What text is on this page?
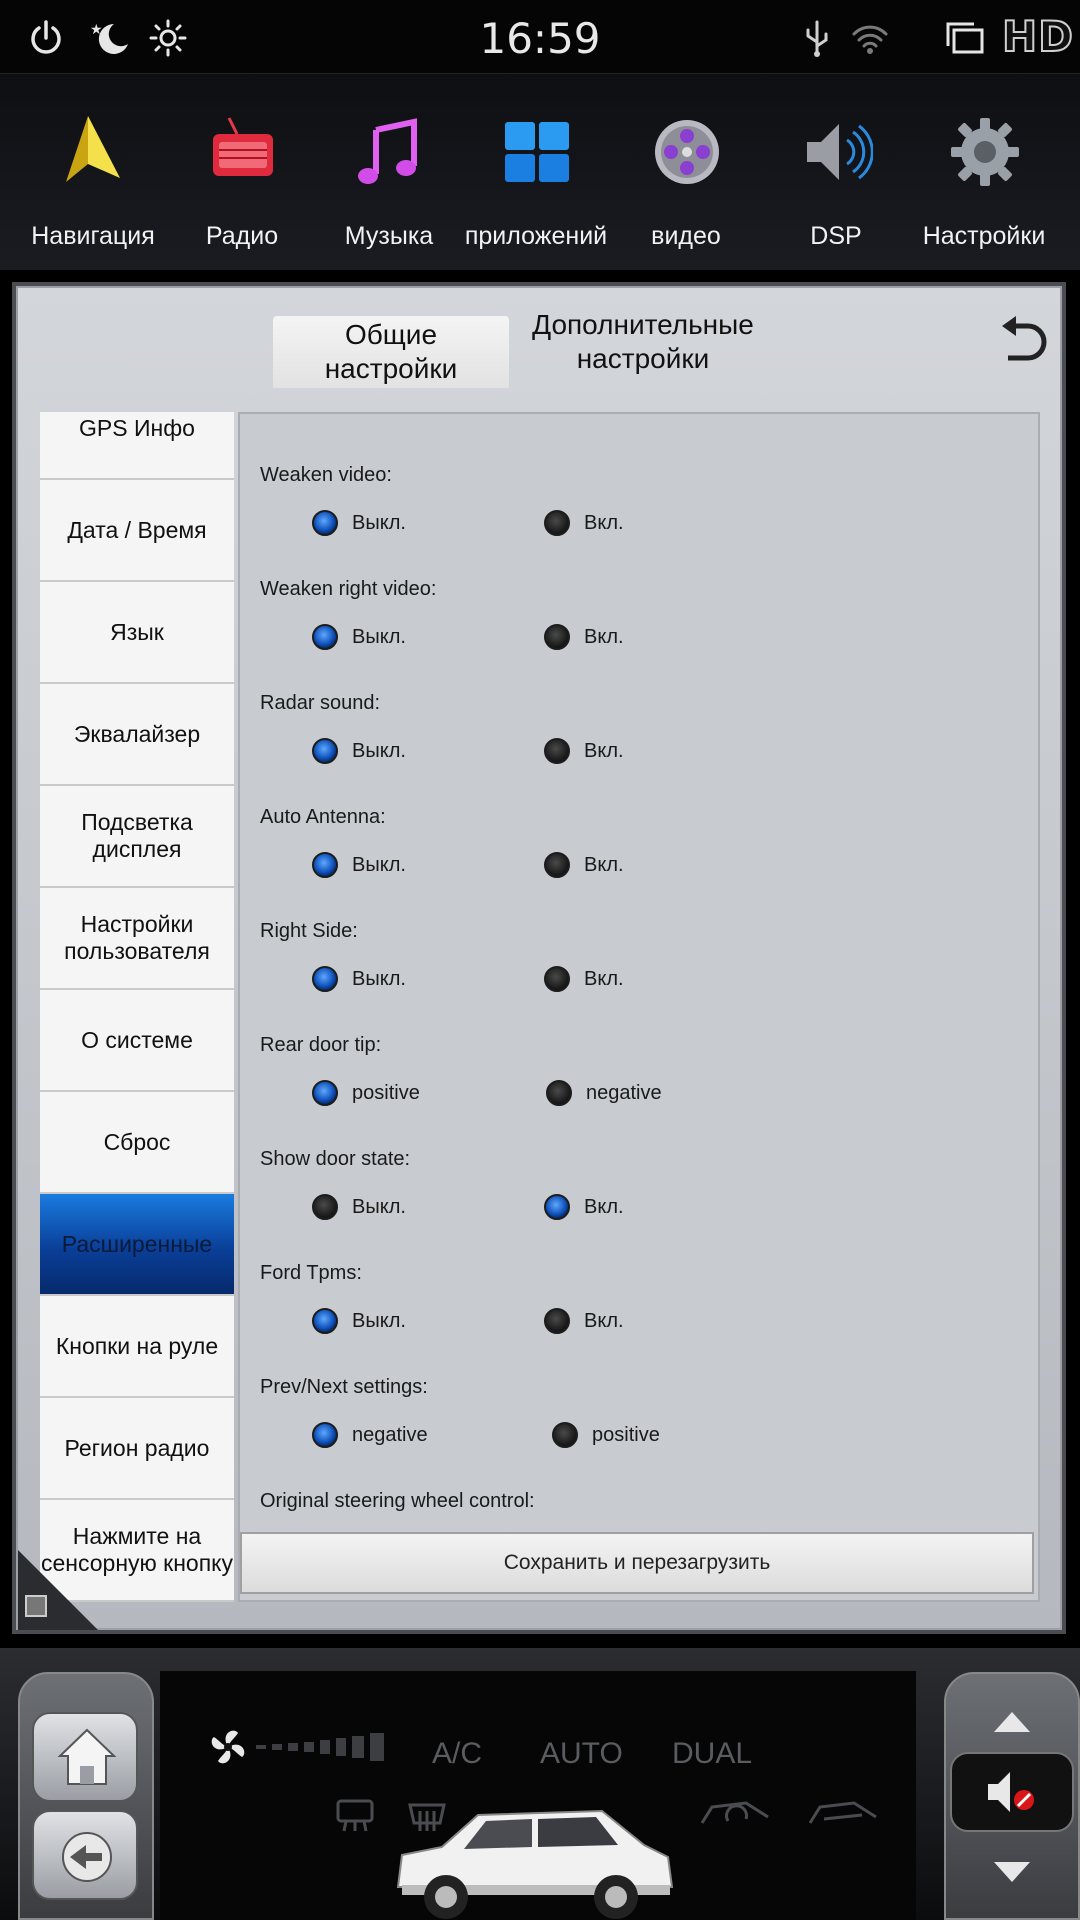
★	16:59	HD
Навигация	Радио	Музыка	приложений	видео	DSP	Настройки
Общие
настройки
Дополнительные
настройки
GPS Инфо
Дата / Время
Язык
Эквалайзер
Подсветка дисплея
Настройки пользователя
О системе
Сброс
Расширенные
Кнопки на руле
Регион радио
Нажмите на сенсорную кнопку
Weaken video:
Выкл.	Вкл.
Weaken right video:
Выкл.	Вкл.
Radar sound:
Выкл.	Вкл.
Auto Antenna:
Выкл.	Вкл.
Right Side:
Выкл.	Вкл.
Rear door tip:
positive	negative
Show door state:
Выкл.	Вкл.
Ford Tpms:
Выкл.	Вкл.
Prev/Next settings:
negative	positive
Original steering wheel control:
Сохранить и перезагрузить
A/C AUTO DUAL
